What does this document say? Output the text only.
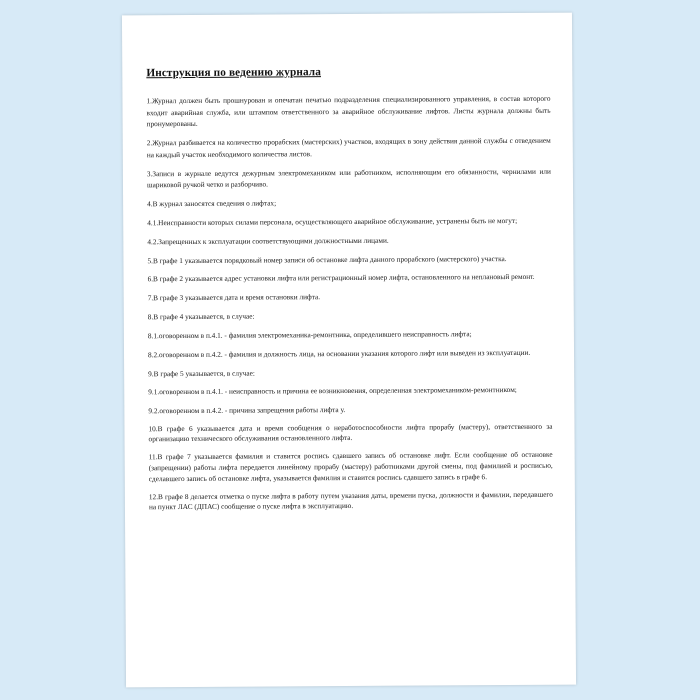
Инструкция по ведению журнала

1.Журнал должен быть прошнурован и опечатан печатью подразделения специализированного управления, в состав которого входит аварийная служба, или штампом ответственного за аварийное обслуживание лифтов. Листы журнала должны быть пронумерованы.

2.Журнал разбивается на количество прорабских (мастерских) участков, входящих в зону действия данной службы с отведением на каждый участок необходимого количества листов.

3.Записи в журнале ведутся дежурным электромехаником или работником, исполняющим его обязанности, чернилами или шариковой ручкой четко и разборчиво.

4.В журнал заносятся сведения о лифтах;

4.1.Неисправности которых силами персонала, осуществляющего аварийное обслуживание, устранены быть не могут;

4.2.Запрещенных к эксплуатации соответствующими должностными лицами.

5.В графе 1 указывается порядковый номер записи об остановке лифта данного прорабского (мастерского) участка.

6.В графе 2 указывается адрес установки лифта или регистрационный номер лифта, остановленного на неплановый ремонт.

7.В графе 3 указывается дата и время остановки лифта.

8.В графе 4 указывается, в случае:

8.1.оговоренном в п.4.1. - фамилия электромеханика-ремонтника, определившего неисправность лифта;

8.2.оговоренном в п.4.2. - фамилия и должность лица, на основании указания которого лифт или выведен из эксплуатации.

9.В графе 5 указывается, в случае:

9.1.оговоренном в п.4.1. - неисправность и причина ее возникновения, определенная электромехаником-ремонтником;

9.2.оговоренном в п.4.2. - причина запрещения работы лифта у.

10.В графе 6 указывается дата и время сообщения о неработоспособности лифта прорабу (мастеру), ответственного за организацию технического обслуживания остановленного лифта.

11.В графе 7 указывается фамилия и ставится роспись сдавшего запись об остановке лифт. Если сообщение об остановке (запрещении) работы лифта передается линейному прорабу (мастеру) работниками другой смены, под фамилией и росписью, сделавшего запись об остановке лифта, указывается фамилия и ставится роспись сдавшего запись в графе 6.

12.В графе 8 делается отметка о пуске лифта в работу путем указания даты, времени пуска, должности и фамилии, передавшего на пункт ЛАС (ДПАС) сообщение о пуске лифта в эксплуатацию.
